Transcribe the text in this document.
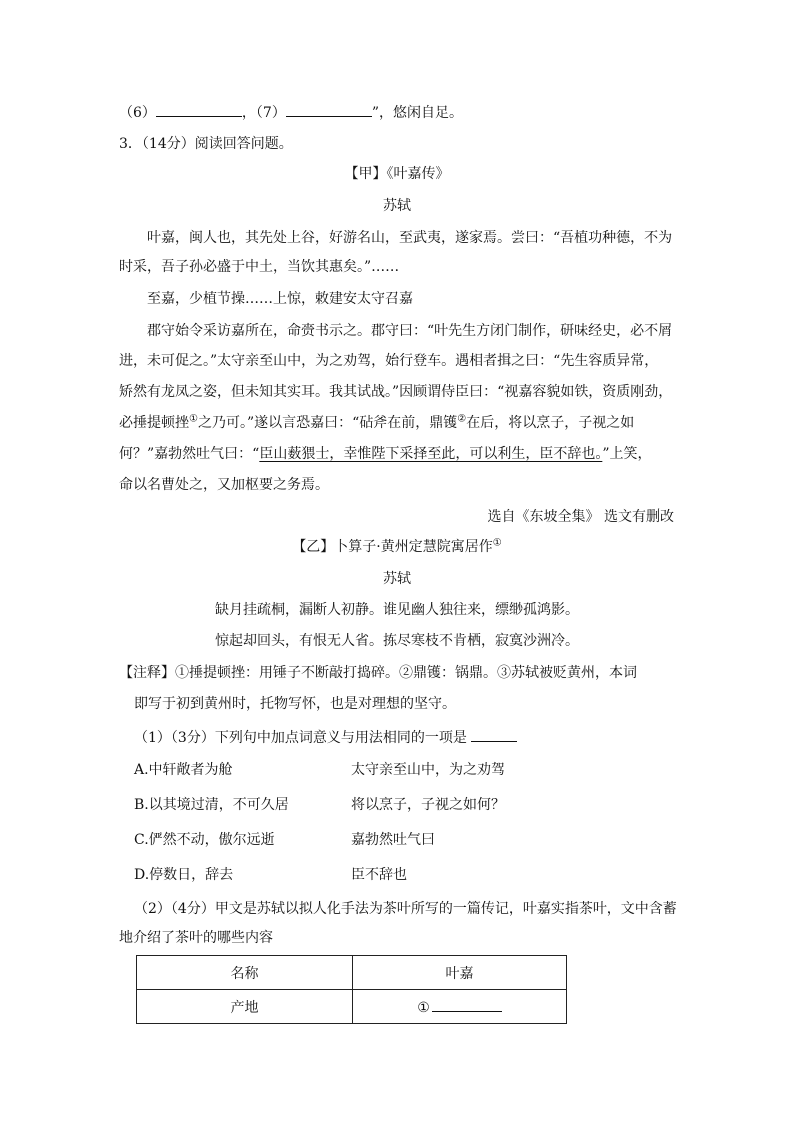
（6）	，（7）	”，悠闲自足。
3．（14分）阅读回答问题。
【甲】《叶嘉传》
苏轼
叶嘉，闽人也，其先处上谷，好游名山，至武夷，遂家焉。尝曰：“吾植功种德，不为
时采，吾子孙必盛于中土，当饮其惠矣。”……
至嘉，少植节操……上惊，敕建安太守召嘉
郡守始令采访嘉所在，命赍书示之。郡守曰：“叶先生方闭门制作，研味经史，必不屑
进，未可促之。”太守亲至山中，为之劝驾，始行登车。遇相者揖之曰：“先生容质异常，
矫然有龙凤之姿，但未知其实耳。我其试战。”因顾谓侍臣曰：“视嘉容貌如铁，资质刚劲，
必捶提顿挫①之乃可。”遂以言恐嘉曰：“砧斧在前，鼎镬②在后，将以烹子，子视之如
何？”嘉勃然吐气曰：“臣山薮猥士，幸惟陛下采择至此，可以利生，臣不辞也。”上笑，
命以名曹处之，又加枢要之务焉。
选自《东坡全集》 选文有删改
【乙】卜算子·黄州定慧院寓居作①
苏轼
缺月挂疏桐，漏断人初静。谁见幽人独往来，缥缈孤鸿影。
惊起却回头，有恨无人省。拣尽寒枝不肯栖，寂寞沙洲冷。
【注释】①捶提顿挫：用锤子不断敲打捣碎。②鼎镬：锅鼎。③苏轼被贬黄州，本词
即写于初到黄州时，托物写怀，也是对理想的坚守。
（1）（3分）下列句中加点词意义与用法相同的一项是
A.中轩敞者为舱	太守亲至山中，为之劝驾
B.以其境过清，不可久居	将以烹子，子视之如何？
C.俨然不动，傲尔远逝	嘉勃然吐气曰
D.停数日，辞去	臣不辞也
（2）（4分）甲文是苏轼以拟人化手法为茶叶所写的一篇传记，叶嘉实指茶叶，文中含蓄
地介绍了茶叶的哪些内容
名称	叶嘉
产地	①
